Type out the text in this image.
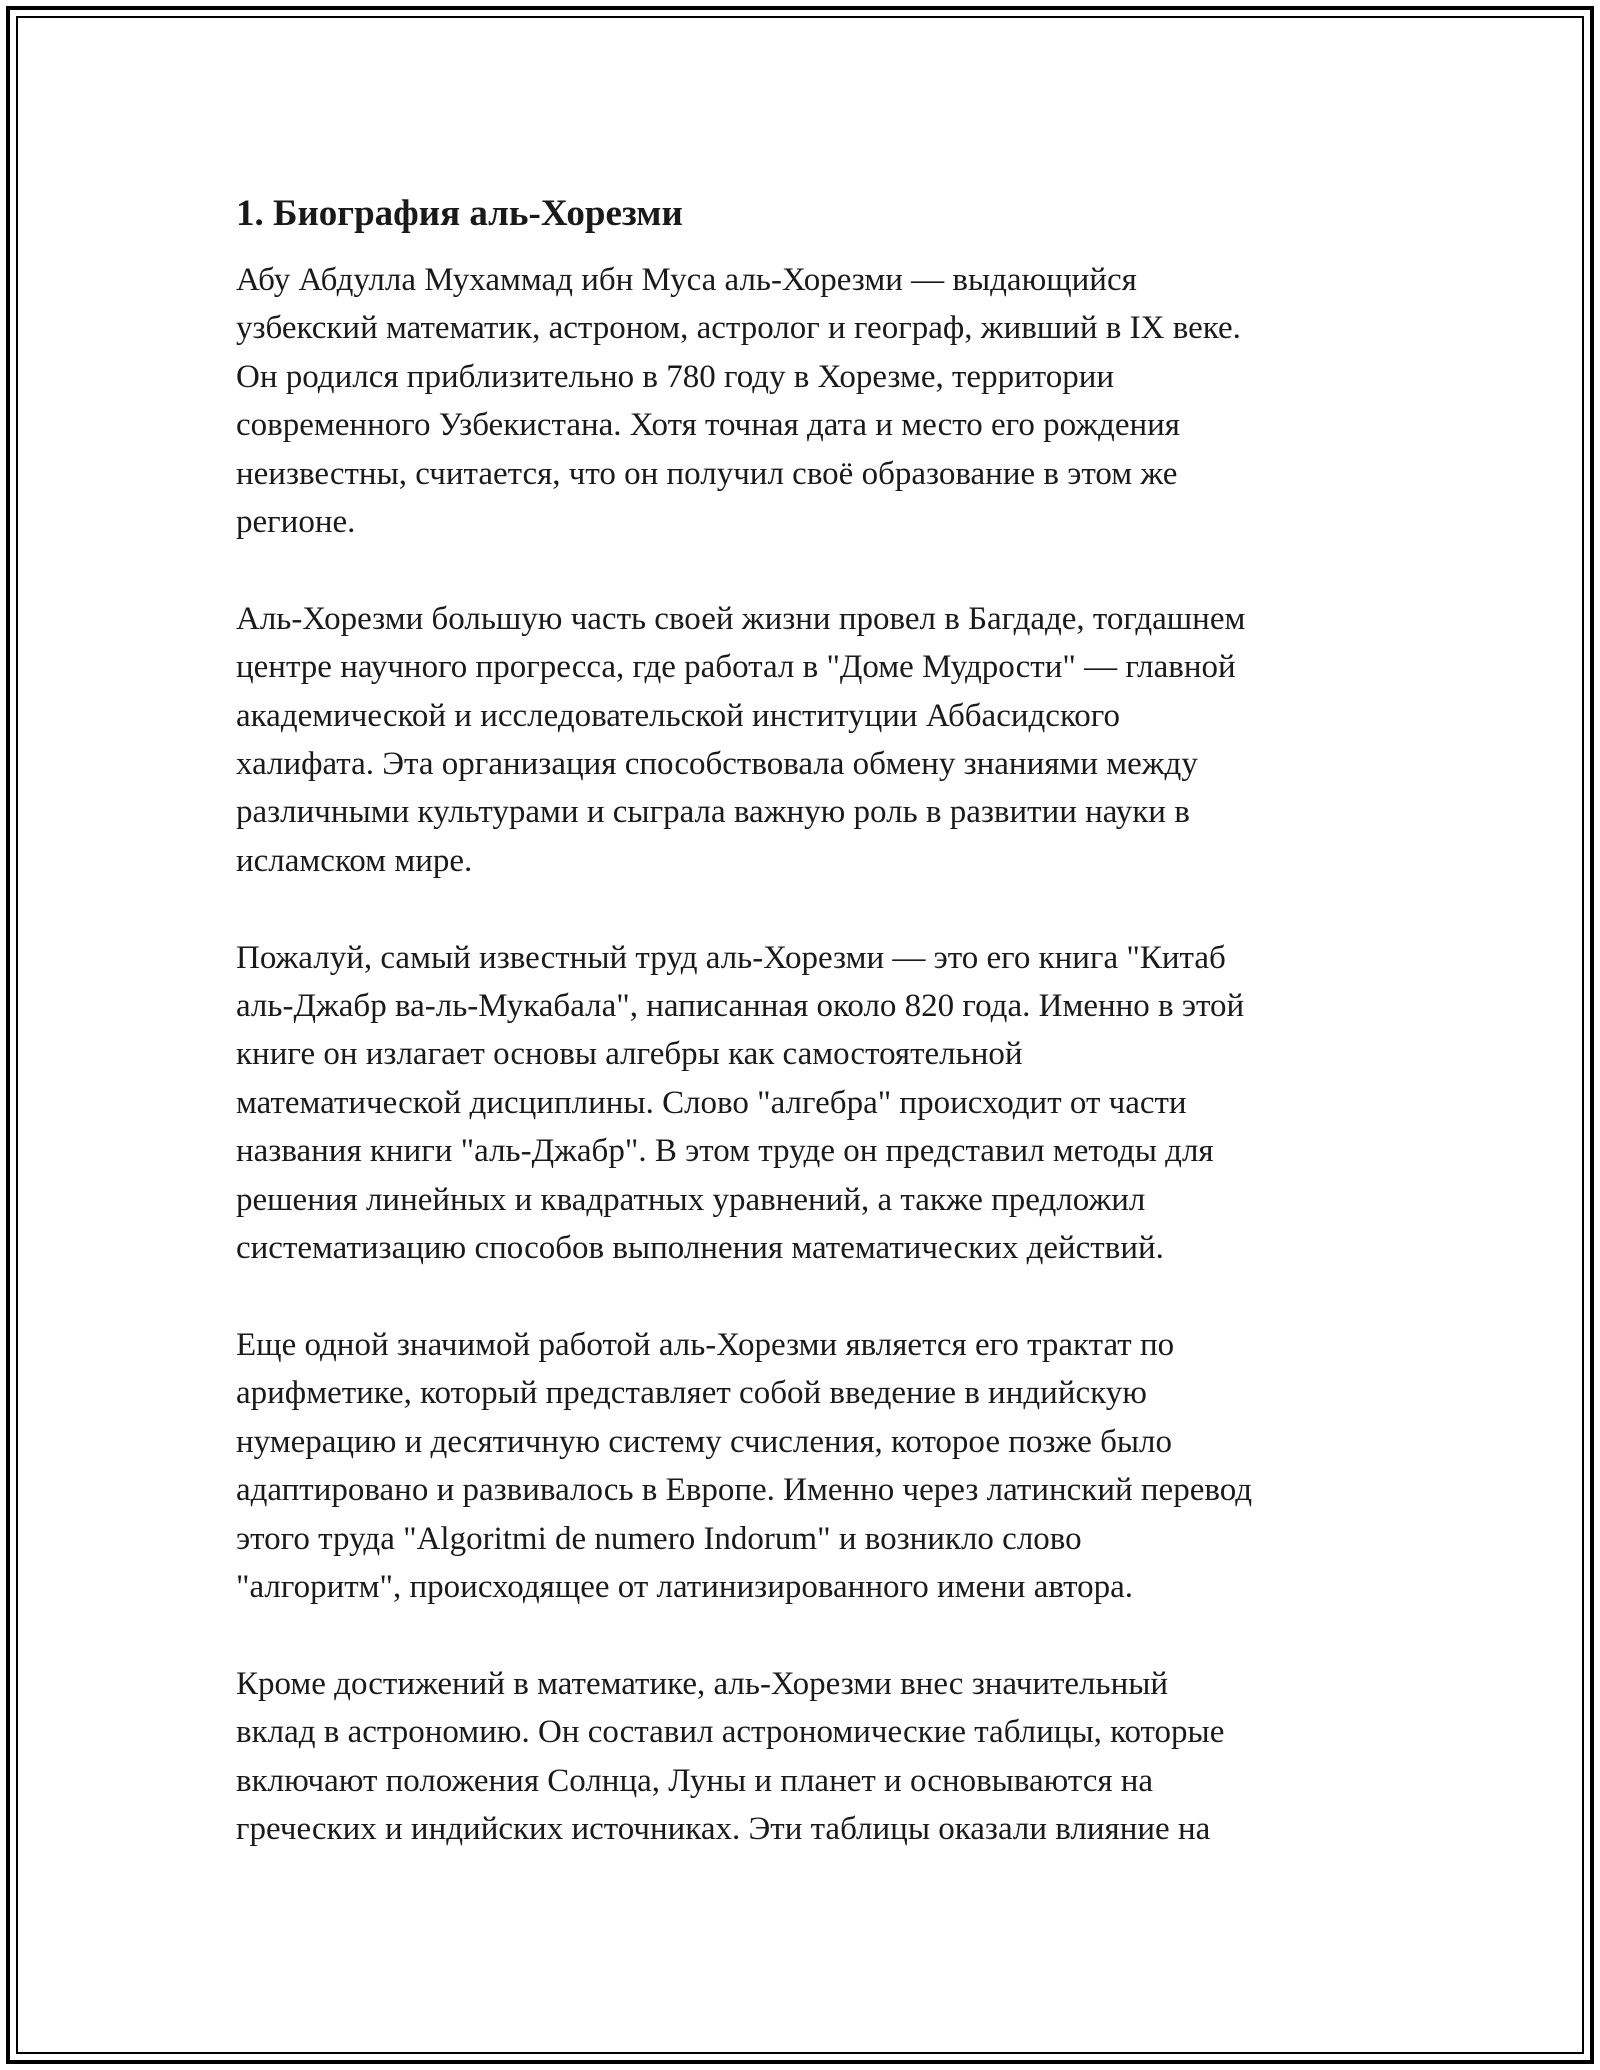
1. Биография аль-Хорезми
Абу Абдулла Мухаммад ибн Муса аль-Хорезми — выдающийся
узбекский математик, астроном, астролог и географ, живший в IX веке.
Он родился приблизительно в 780 году в Хорезме, территории
современного Узбекистана. Хотя точная дата и место его рождения
неизвестны, считается, что он получил своё образование в этом же
регионе.
Аль-Хорезми большую часть своей жизни провел в Багдаде, тогдашнем
центре научного прогресса, где работал в "Доме Мудрости" — главной
академической и исследовательской институции Аббасидского
халифата. Эта организация способствовала обмену знаниями между
различными культурами и сыграла важную роль в развитии науки в
исламском мире.
Пожалуй, самый известный труд аль-Хорезми — это его книга "Китаб
аль-Джабр ва-ль-Мукабала", написанная около 820 года. Именно в этой
книге он излагает основы алгебры как самостоятельной
математической дисциплины. Слово "алгебра" происходит от части
названия книги "аль-Джабр". В этом труде он представил методы для
решения линейных и квадратных уравнений, а также предложил
систематизацию способов выполнения математических действий.
Еще одной значимой работой аль-Хорезми является его трактат по
арифметике, который представляет собой введение в индийскую
нумерацию и десятичную систему счисления, которое позже было
адаптировано и развивалось в Европе. Именно через латинский перевод
этого труда "Algoritmi de numero Indorum" и возникло слово
"алгоритм", происходящее от латинизированного имени автора.
Кроме достижений в математике, аль-Хорезми внес значительный
вклад в астрономию. Он составил астрономические таблицы, которые
включают положения Солнца, Луны и планет и основываются на
греческих и индийских источниках. Эти таблицы оказали влияние на
